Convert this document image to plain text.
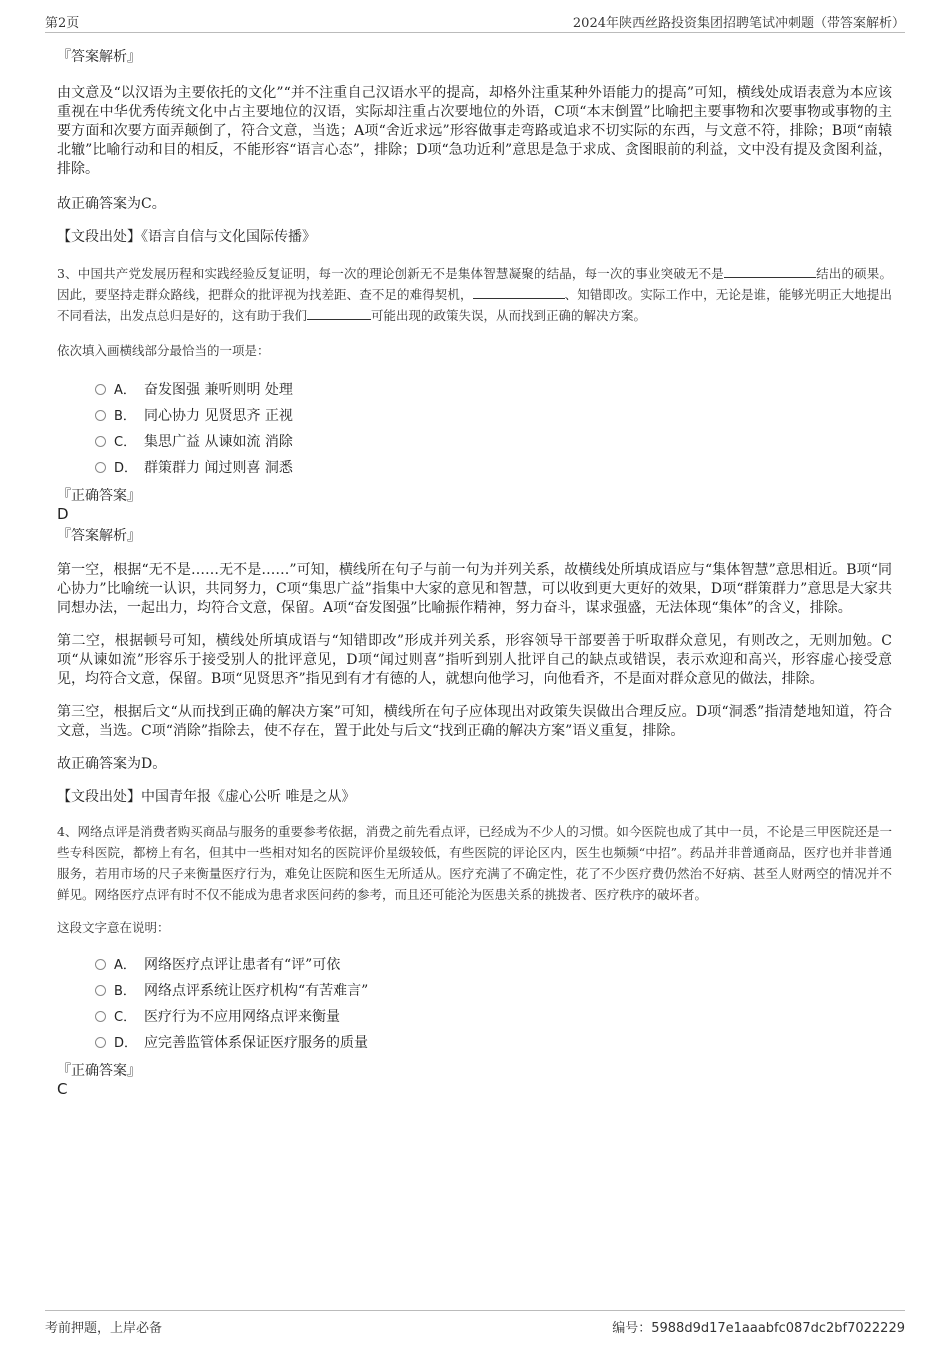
第2页	2024年陕西丝路投资集团招聘笔试冲刺题（带答案解析）

『答案解析』

由文意及“以汉语为主要依托的文化”“并不注重自己汉语水平的提高，却格外注重某种外语能力的提高”可知，横线处成语表意为本应该重视在中华优秀传统文化中占主要地位的汉语，实际却注重占次要地位的外语，C项“本末倒置”比喻把主要事物和次要事物或事物的主要方面和次要方面弄颠倒了，符合文意，当选；A项“舍近求远”形容做事走弯路或追求不切实际的东西，与文意不符，排除；B项“南辕北辙”比喻行动和目的相反，不能形容“语言心态”，排除；D项“急功近利”意思是急于求成、贪图眼前的利益，文中没有提及贪图利益，排除。

故正确答案为C。

【文段出处】《语言自信与文化国际传播》

3、中国共产党发展历程和实践经验反复证明，每一次的理论创新无不是集体智慧凝聚的结晶，每一次的事业突破无不是	结出的硕果。因此，要坚持走群众路线，把群众的批评视为找差距、查不足的难得契机，	、知错即改。实际工作中，无论是谁，能够光明正大地提出不同看法，出发点总归是好的，这有助于我们	可能出现的政策失误，从而找到正确的解决方案。

依次填入画横线部分最恰当的一项是：

A． 奋发图强 兼听则明 处理
B． 同心协力 见贤思齐 正视
C． 集思广益 从谏如流 消除
D． 群策群力 闻过则喜 洞悉

『正确答案』

D

『答案解析』

第一空，根据“无不是……无不是……”可知，横线所在句子与前一句为并列关系，故横线处所填成语应与“集体智慧”意思相近。B项“同心协力”比喻统一认识，共同努力，C项“集思广益”指集中大家的意见和智慧，可以收到更大更好的效果，D项“群策群力”意思是大家共同想办法，一起出力，均符合文意，保留。A项“奋发图强”比喻振作精神，努力奋斗，谋求强盛，无法体现“集体”的含义，排除。

第二空，根据顿号可知，横线处所填成语与“知错即改”形成并列关系，形容领导干部要善于听取群众意见，有则改之，无则加勉。C项“从谏如流”形容乐于接受别人的批评意见，D项“闻过则喜”指听到别人批评自己的缺点或错误，表示欢迎和高兴，形容虚心接受意见，均符合文意，保留。B项“见贤思齐”指见到有才有德的人，就想向他学习，向他看齐，不是面对群众意见的做法，排除。

第三空，根据后文“从而找到正确的解决方案”可知，横线所在句子应体现出对政策失误做出合理反应。D项“洞悉”指清楚地知道，符合文意，当选。C项“消除”指除去，使不存在，置于此处与后文“找到正确的解决方案”语义重复，排除。

故正确答案为D。

【文段出处】中国青年报《虚心公听 唯是之从》

4、网络点评是消费者购买商品与服务的重要参考依据，消费之前先看点评，已经成为不少人的习惯。如今医院也成了其中一员，不论是三甲医院还是一些专科医院，都榜上有名，但其中一些相对知名的医院评价星级较低，有些医院的评论区内，医生也频频“中招”。药品并非普通商品，医疗也并非普通服务，若用市场的尺子来衡量医疗行为，难免让医院和医生无所适从。医疗充满了不确定性，花了不少医疗费仍然治不好病、甚至人财两空的情况并不鲜见。网络医疗点评有时不仅不能成为患者求医问药的参考，而且还可能沦为医患关系的挑拨者、医疗秩序的破坏者。

这段文字意在说明：

A． 网络医疗点评让患者有“评”可依
B． 网络点评系统让医疗机构“有苦难言”
C． 医疗行为不应用网络点评来衡量
D． 应完善监管体系保证医疗服务的质量

『正确答案』

C

考前押题，上岸必备	编号：5988d9d17e1aaabfc087dc2bf7022229
